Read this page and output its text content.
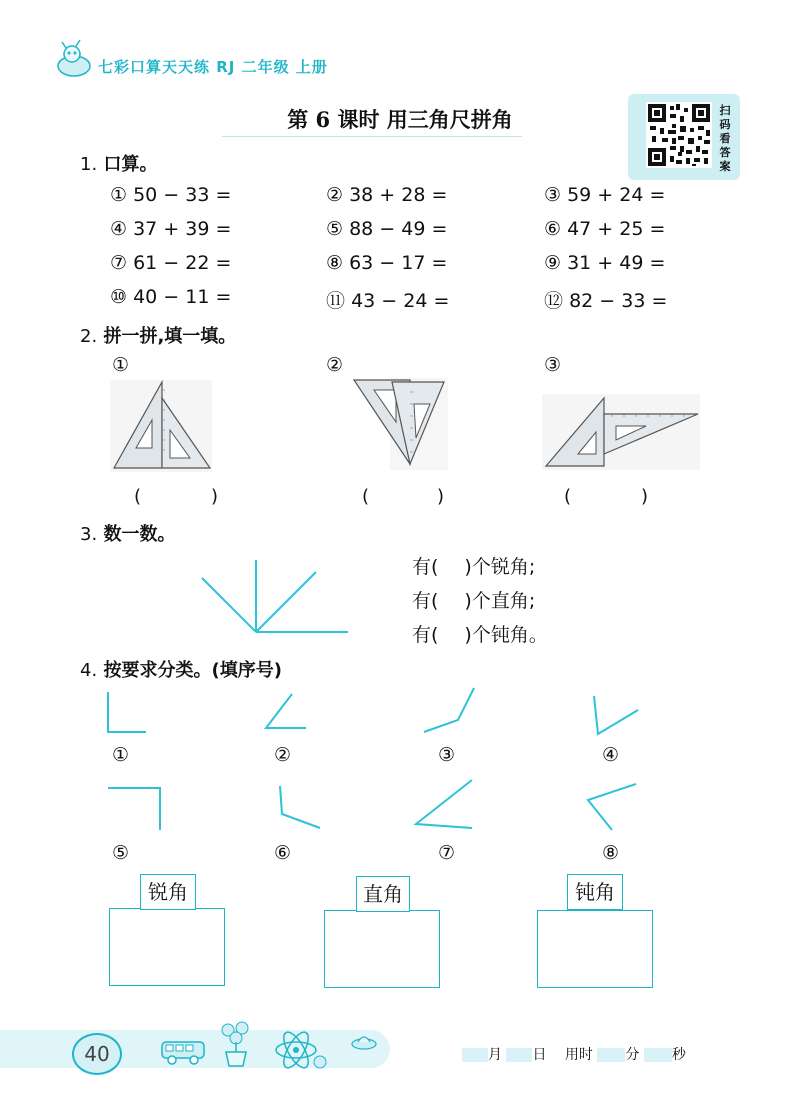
七彩口算天天练 RJ 二年级 上册
第 6 课时 用三角尺拼角	扫码看答案
1. 口算。
① 50 − 33 =	② 38 + 28 =	③ 59 + 24 =
④ 37 + 39 =	⑤ 88 − 49 =	⑥ 47 + 25 =
⑦ 61 − 22 =	⑧ 63 − 17 =	⑨ 31 + 49 =
⑩ 40 − 11 =	⑪ 43 − 24 =	⑫ 82 − 33 =
2. 拼一拼,填一填。
①	②	③
(	)	(	)	(	)
3. 数一数。
有( )个锐角;
有( )个直角;
有( )个钝角。
4. 按要求分类。(填序号)
①	②	③	④
⑤	⑥	⑦	⑧
锐角	直角	钝角
40	月 日 用时 分 秒
